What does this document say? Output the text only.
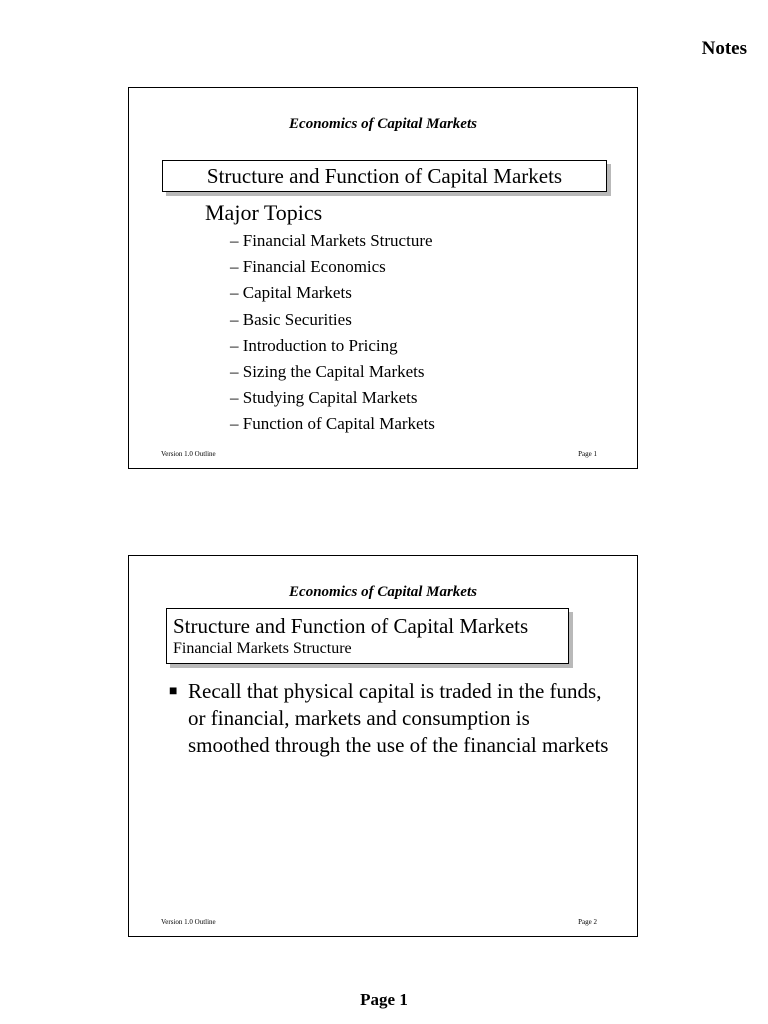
Notes
Economics of Capital Markets
Structure and Function of Capital Markets
Major Topics
– Financial Markets Structure
– Financial Economics
– Capital Markets
– Basic Securities
– Introduction to Pricing
– Sizing the Capital Markets
– Studying Capital Markets
– Function of Capital Markets
Version 1.0 Outline	Page 1
Economics of Capital Markets
Structure and Function of Capital Markets
Financial Markets Structure
■ Recall that physical capital is traded in the funds, or financial, markets and consumption is smoothed through the use of the financial markets
Version 1.0 Outline	Page 2
Page 1
